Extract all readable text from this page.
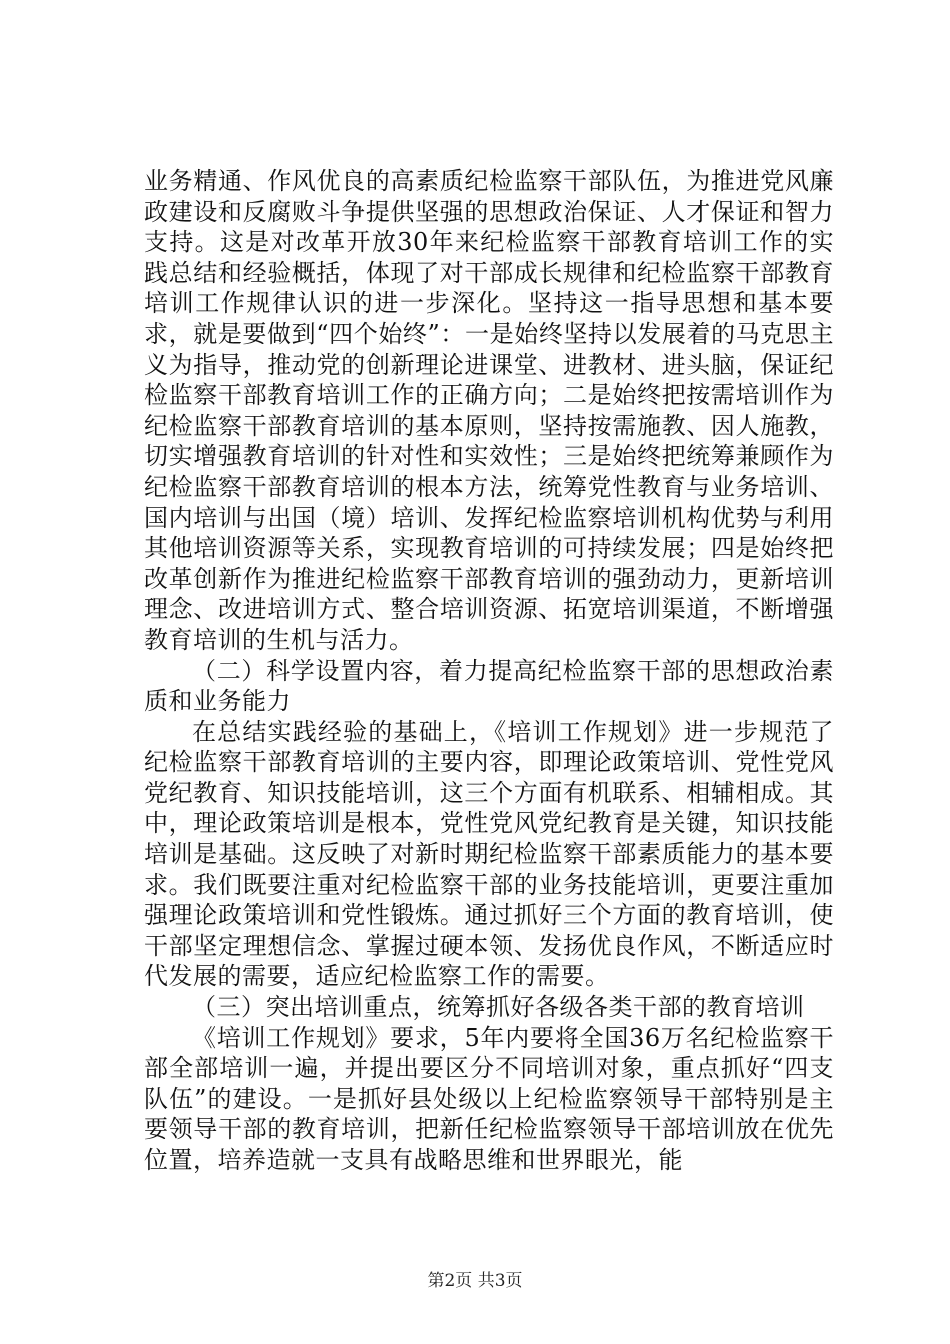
业务精通、作风优良的高素质纪检监察干部队伍，为推进党风廉政建设和反腐败斗争提供坚强的思想政治保证、人才保证和智力支持。这是对改革开放30年来纪检监察干部教育培训工作的实践总结和经验概括，体现了对干部成长规律和纪检监察干部教育培训工作规律认识的进一步深化。坚持这一指导思想和基本要求，就是要做到“四个始终”：一是始终坚持以发展着的马克思主义为指导，推动党的创新理论进课堂、进教材、进头脑，保证纪检监察干部教育培训工作的正确方向；二是始终把按需培训作为纪检监察干部教育培训的基本原则，坚持按需施教、因人施教，切实增强教育培训的针对性和实效性；三是始终把统筹兼顾作为纪检监察干部教育培训的根本方法，统筹党性教育与业务培训、国内培训与出国（境）培训、发挥纪检监察培训机构优势与利用其他培训资源等关系，实现教育培训的可持续发展；四是始终把改革创新作为推进纪检监察干部教育培训的强劲动力，更新培训理念、改进培训方式、整合培训资源、拓宽培训渠道，不断增强教育培训的生机与活力。

（二）科学设置内容，着力提高纪检监察干部的思想政治素质和业务能力

在总结实践经验的基础上，《培训工作规划》进一步规范了纪检监察干部教育培训的主要内容，即理论政策培训、党性党风党纪教育、知识技能培训，这三个方面有机联系、相辅相成。其中，理论政策培训是根本，党性党风党纪教育是关键，知识技能培训是基础。这反映了对新时期纪检监察干部素质能力的基本要求。我们既要注重对纪检监察干部的业务技能培训，更要注重加强理论政策培训和党性锻炼。通过抓好三个方面的教育培训，使干部坚定理想信念、掌握过硬本领、发扬优良作风，不断适应时代发展的需要，适应纪检监察工作的需要。

（三）突出培训重点，统筹抓好各级各类干部的教育培训

《培训工作规划》要求，5年内要将全国36万名纪检监察干部全部培训一遍，并提出要区分不同培训对象，重点抓好“四支队伍”的建设。一是抓好县处级以上纪检监察领导干部特别是主要领导干部的教育培训，把新任纪检监察领导干部培训放在优先位置，培养造就一支具有战略思维和世界眼光，能

第2页 共3页
